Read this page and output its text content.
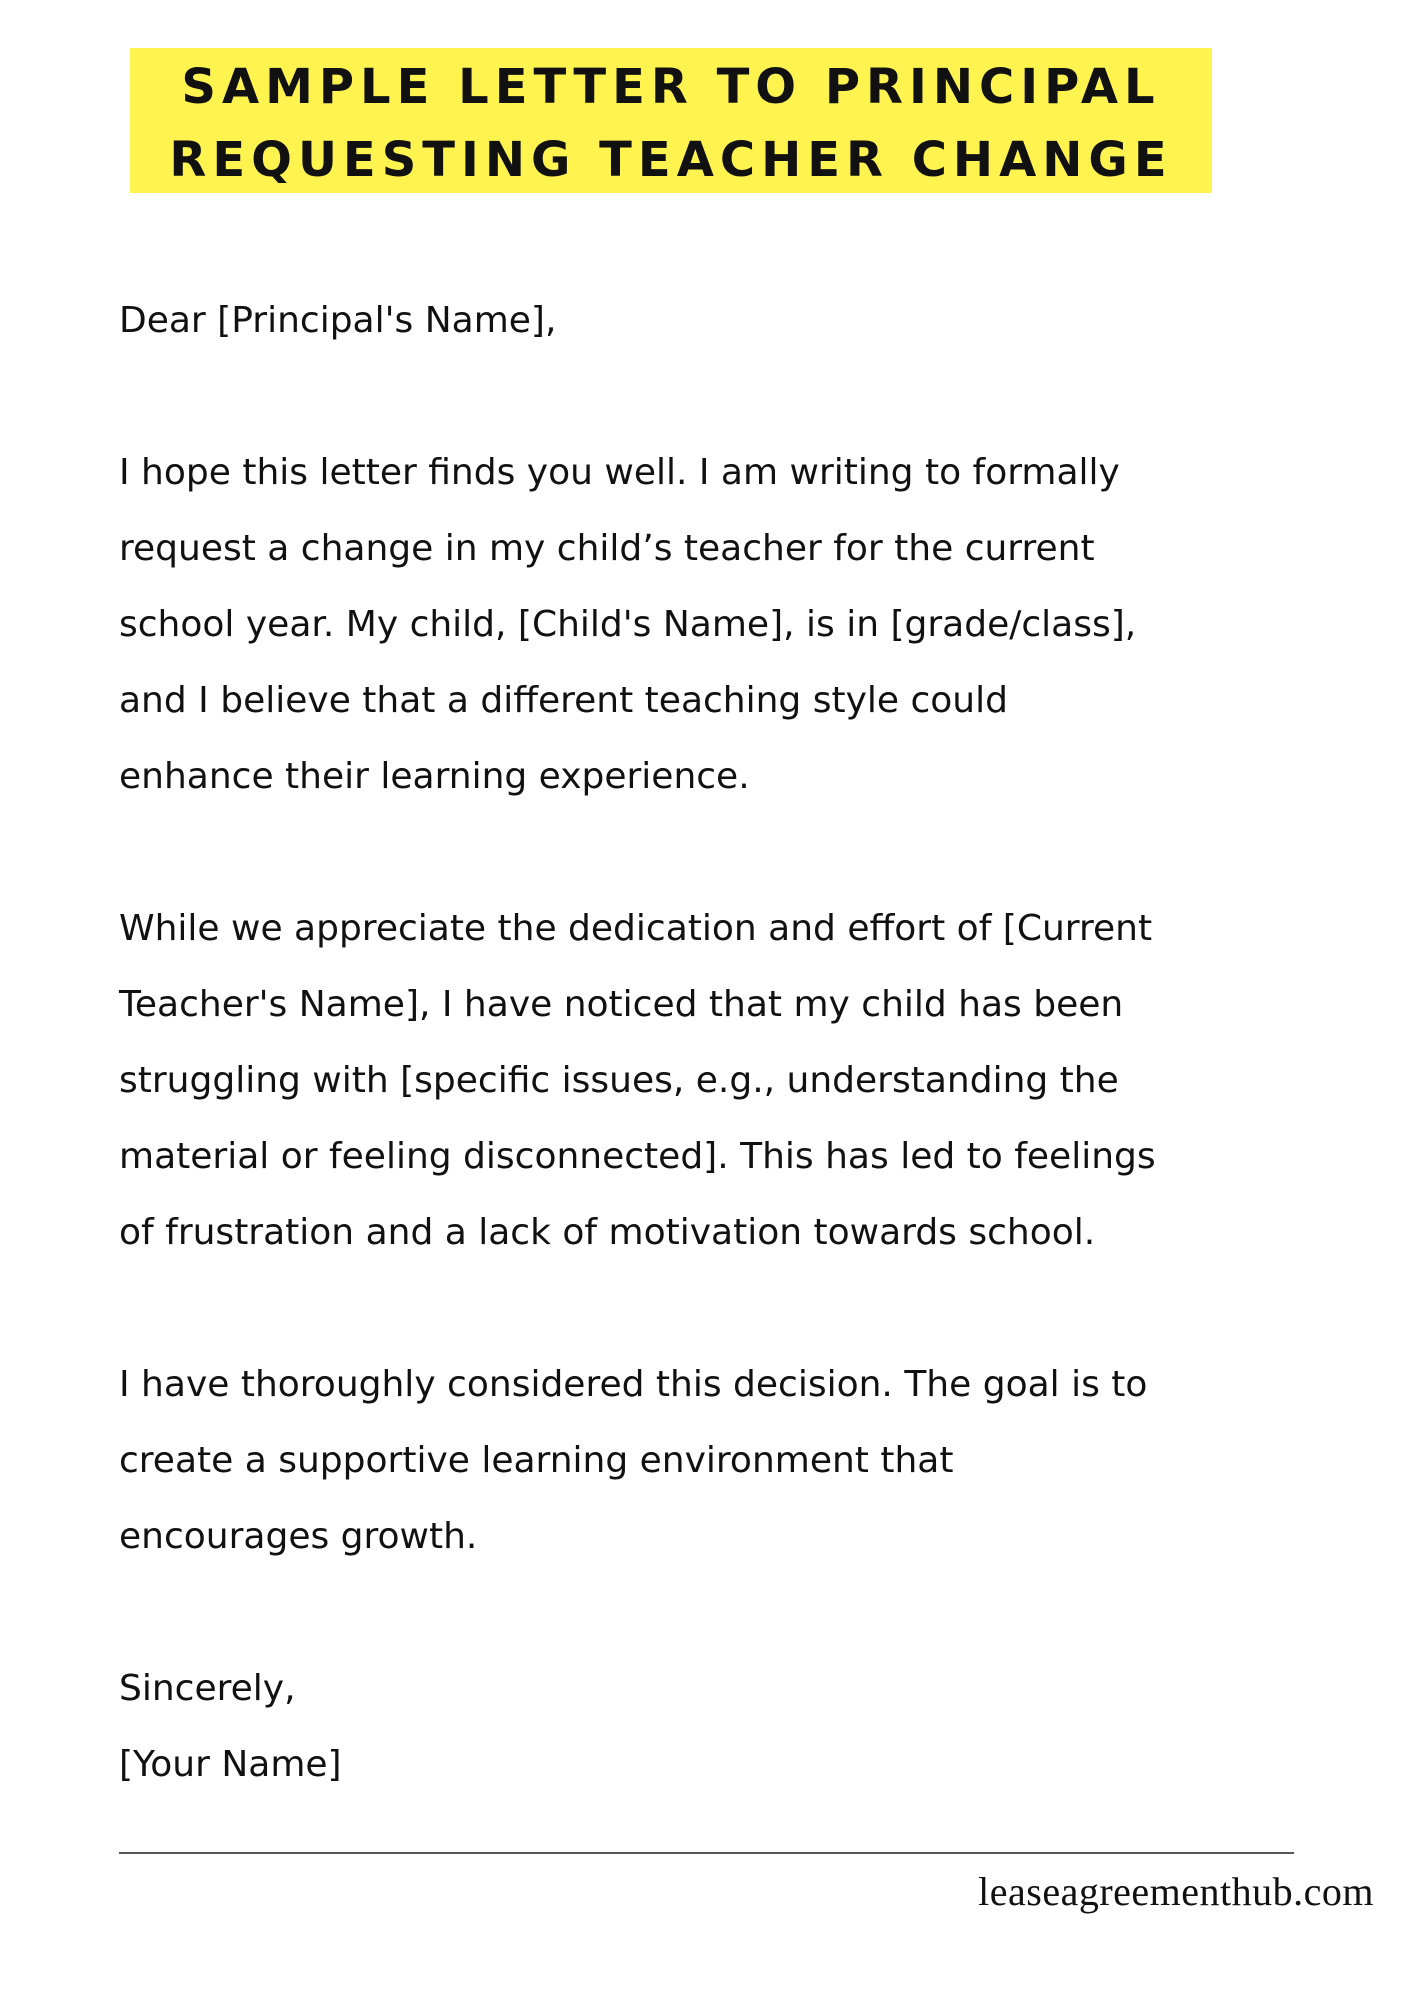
SAMPLE LETTER TO PRINCIPAL
REQUESTING TEACHER CHANGE
Dear [Principal's Name],
I hope this letter finds you well. I am writing to formally
request a change in my child’s teacher for the current
school year. My child, [Child's Name], is in [grade/class],
and I believe that a different teaching style could
enhance their learning experience.
While we appreciate the dedication and effort of [Current
Teacher's Name], I have noticed that my child has been
struggling with [specific issues, e.g., understanding the
material or feeling disconnected]. This has led to feelings
of frustration and a lack of motivation towards school.
I have thoroughly considered this decision. The goal is to
create a supportive learning environment that
encourages growth.
Sincerely,
[Your Name]
leaseagreementhub.com
